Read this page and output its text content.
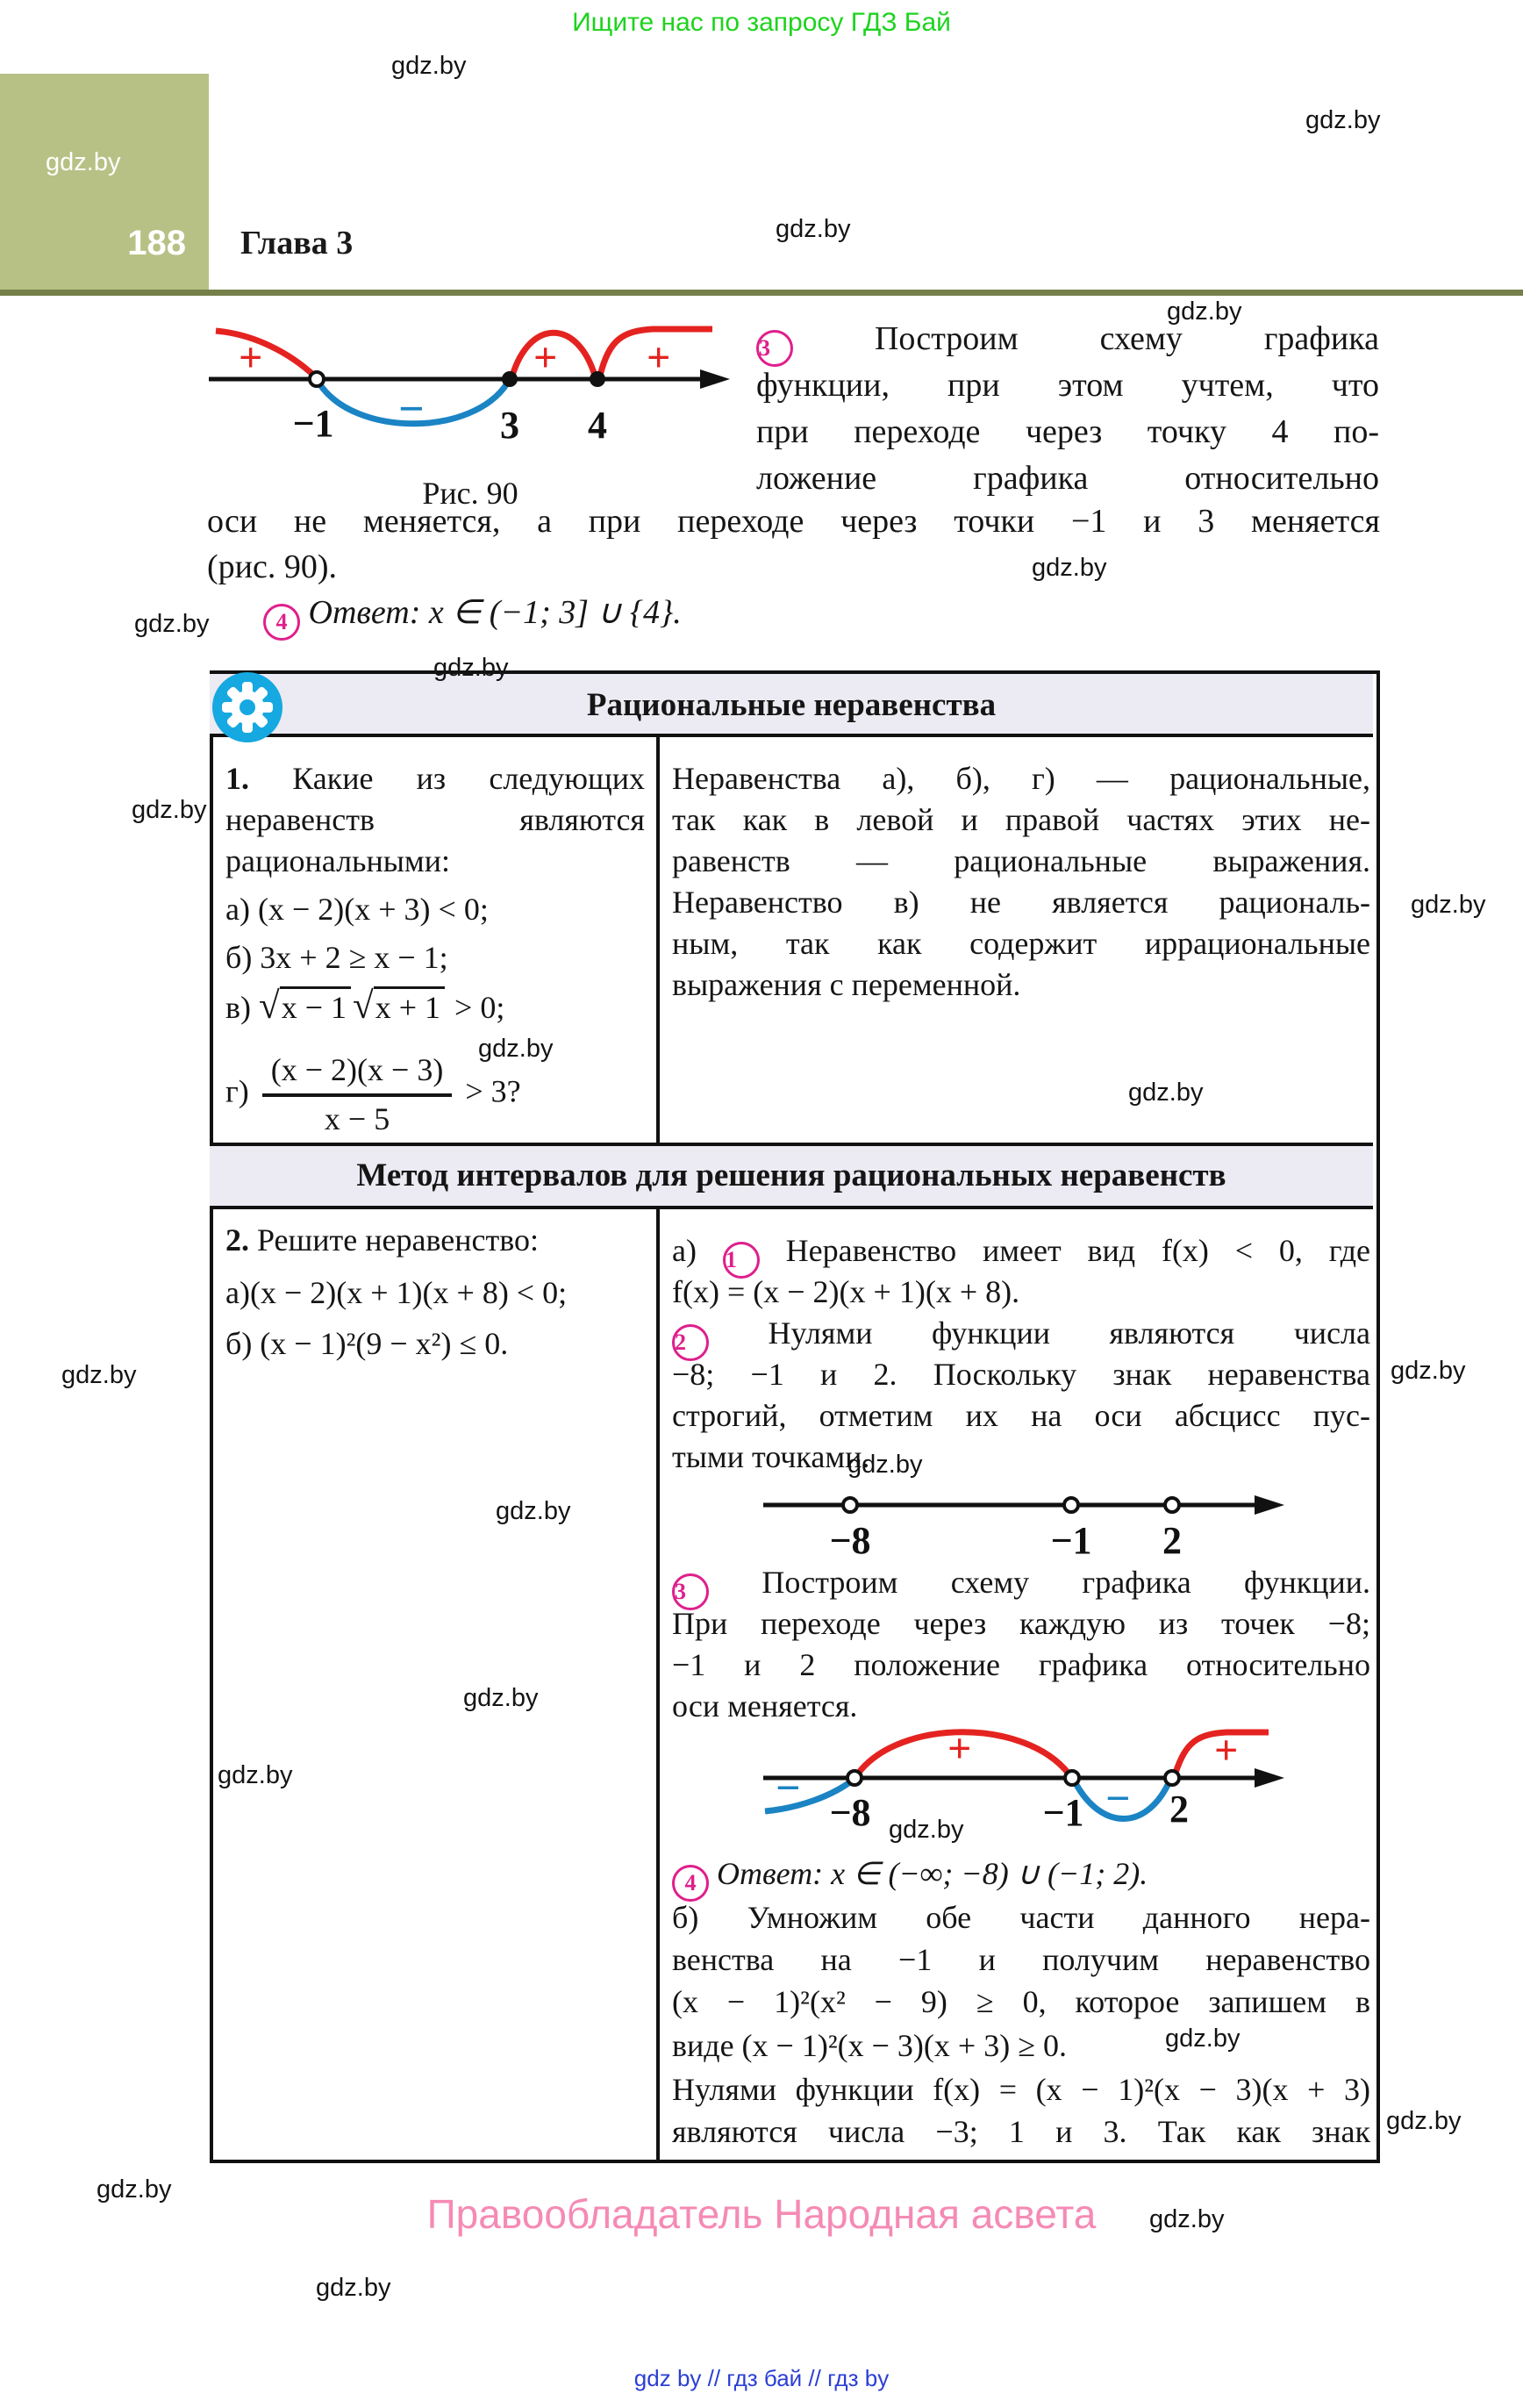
Ищите нас по запросу ГДЗ Бай
188 Глава 3
+
−
+ +
−1	3 4
Рис. 90
3	Построим схему графика
функции, при этом учтем, что
при переходе через точку 4 по-
ложение графика относительно
оси не меняется, а при переходе через точки −1 и 3 меняется
(рис. 90).
4 Ответ: x ∈ (−1; 3] ∪ {4}.
Рациональные неравенства
Метод интервалов для решения рациональных неравенств
1. Какие из следующих
неравенств являются
рациональными:
а) (x − 2)(x + 3) < 0;
б) 3x + 2 ≥ x − 1;
в) √x − 1 √x + 1 > 0;
$г) \frac{(x - 2)(x - 3)}{x - 5} > 3$?
Неравенства а), б), г) — рациональные,
так как в левой и правой частях этих не-
равенств — рациональные выражения.
Неравенство в) не является рациональ-
ным, так как содержит иррациональные
выражения с переменной.
2. Решите неравенство:
а)(x − 2)(x + 1)(x + 8) < 0;
б) (x − 1)²(9 − x²) ≤ 0.
а) 1 Неравенство имеет вид f(x) < 0, где
f(x) = (x − 2)(x + 1)(x + 8).
2	Нулями функции являются числа
−8; −1 и 2. Поскольку знак неравенства
строгий, отметим их на оси абсцисс пус-
тыми точками.
−8	−1 2
3 Построим схему графика функции.
При переходе через каждую из точек −8;
−1 и 2 положение графика относительно
оси меняется.
−
+
−
+
−8	−1 2
4 Ответ: x ∈ (−∞; −8) ∪ (−1; 2).
б) Умножим обе части данного нера-
венства на −1 и получим неравенство
(x − 1)²(x² − 9) ≥ 0, которое запишем в
виде (x − 1)²(x − 3)(x + 3) ≥ 0.
Нулями функции f(x) = (x − 1)²(x − 3)(x + 3)
являются числа −3; 1 и 3. Так как знак
Правообладатель Народная асвета
gdz by // гдз бай // гдз by
gdz.by
gdz.by
gdz.by
gdz.by
gdz.by
gdz.by
gdz.by
gdz.by
gdz.by
gdz.by
gdz.by
gdz.by
gdz.by
gdz.by
gdz.by
gdz.by
gdz.by
gdz.by
gdz.by
gdz.by
gdz.by
gdz.by
gdz.by
gdz.by
